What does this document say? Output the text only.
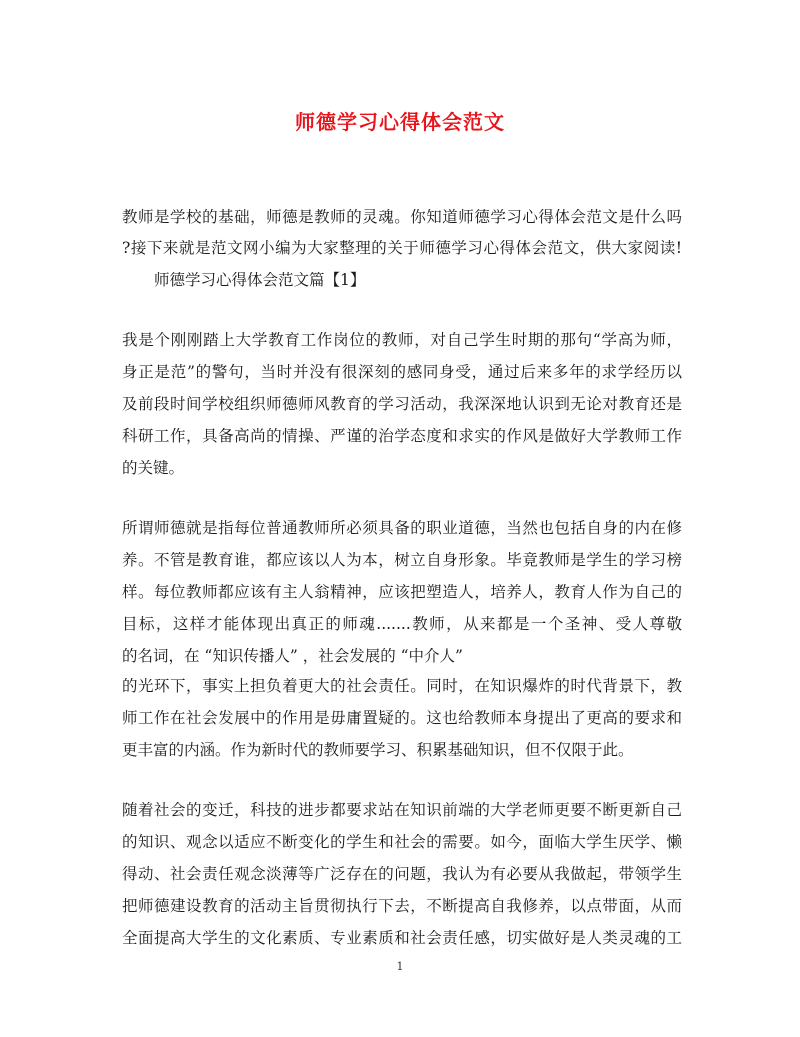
师德学习心得体会范文
教师是学校的基础，师德是教师的灵魂。你知道师德学习心得体会范文是什么吗
?接下来就是范文网小编为大家整理的关于师德学习心得体会范文，供大家阅读!
师德学习心得体会范文篇【1】
我是个刚刚踏上大学教育工作岗位的教师，对自己学生时期的那句“学高为师，
身正是范”的警句，当时并没有很深刻的感同身受，通过后来多年的求学经历以
及前段时间学校组织师德师风教育的学习活动，我深深地认识到无论对教育还是
科研工作，具备高尚的情操、严谨的治学态度和求实的作风是做好大学教师工作
的关键。
所谓师德就是指每位普通教师所必须具备的职业道德，当然也包括自身的内在修
养。不管是教育谁，都应该以人为本，树立自身形象。毕竟教师是学生的学习榜
样。每位教师都应该有主人翁精神，应该把塑造人，培养人，教育人作为自己的
目标，这样才能体现出真正的师魂.......教师，从来都是一个圣神、受人尊敬
的名词，在 “知识传播人” ，社会发展的 “中介人”
的光环下，事实上担负着更大的社会责任。同时，在知识爆炸的时代背景下，教
师工作在社会发展中的作用是毋庸置疑的。这也给教师本身提出了更高的要求和
更丰富的内涵。作为新时代的教师要学习、积累基础知识，但不仅限于此。
随着社会的变迁，科技的进步都要求站在知识前端的大学老师更要不断更新自己
的知识、观念以适应不断变化的学生和社会的需要。如今，面临大学生厌学、懒
得动、社会责任观念淡薄等广泛存在的问题，我认为有必要从我做起，带领学生
把师德建设教育的活动主旨贯彻执行下去，不断提高自我修养，以点带面，从而
全面提高大学生的文化素质、专业素质和社会责任感，切实做好是人类灵魂的工
1
